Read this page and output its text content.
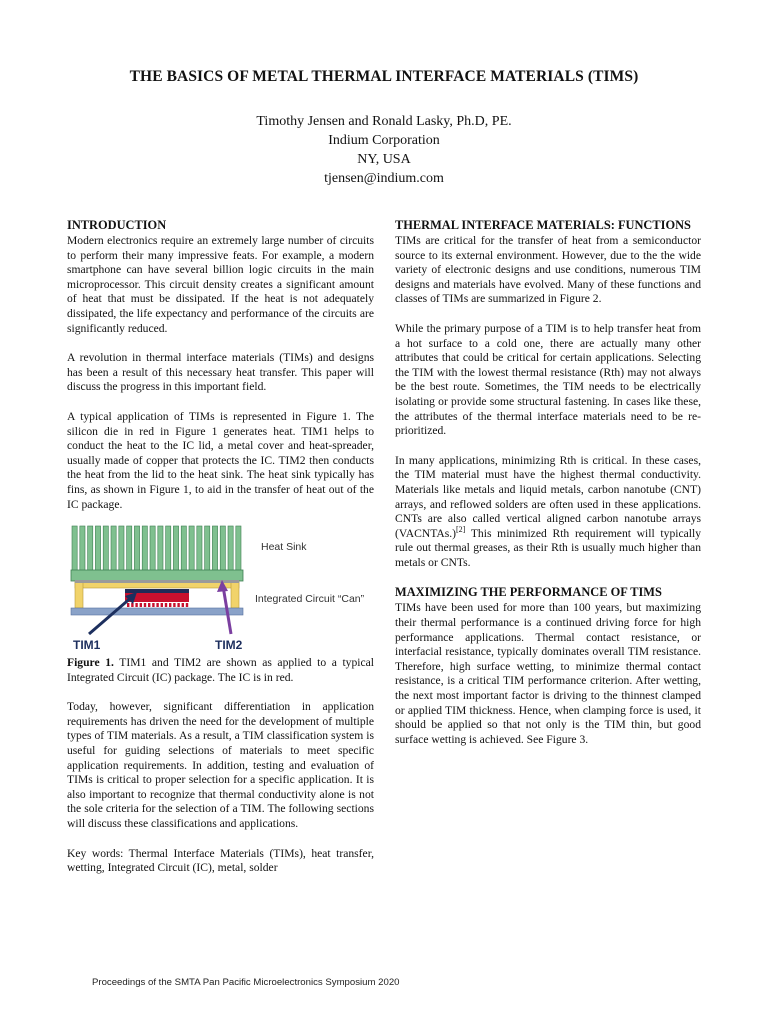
THE BASICS OF METAL THERMAL INTERFACE MATERIALS (TIMS)
Timothy Jensen and Ronald Lasky, Ph.D, PE.
Indium Corporation
NY, USA
tjensen@indium.com
INTRODUCTION

Modern electronics require an extremely large number of circuits to perform their many impressive feats. For example, a modern smartphone can have several billion logic circuits in the main microprocessor. This circuit density creates a significant amount of heat that must be dissipated. If the heat is not adequately dissipated, the life expectancy and performance of the circuits are significantly reduced.

A revolution in thermal interface materials (TIMs) and designs has been a result of this necessary heat transfer. This paper will discuss the progress in this important field.

A typical application of TIMs is represented in Figure 1. The silicon die in red in Figure 1 generates heat. TIM1 helps to conduct the heat to the IC lid, a metal cover and heat-spreader, usually made of copper that protects the IC. TIM2 then conducts the heat from the lid to the heat sink. The heat sink typically has fins, as shown in Figure 1, to aid in the transfer of heat out of the IC package.

Heat Sink
Integrated Circuit “Can”
TIM1	TIM2

Figure 1. TIM1 and TIM2 are shown as applied to a typical Integrated Circuit (IC) package. The IC is in red.

Today, however, significant differentiation in application requirements has driven the need for the development of multiple types of TIM materials. As a result, a TIM classification system is useful for guiding selections of materials to meet specific application requirements. In addition, testing and evaluation of TIMs is critical to proper selection for a specific application. It is also important to recognize that thermal conductivity alone is not the sole criteria for the selection of a TIM. The following sections will discuss these classifications and applications.

Key words: Thermal Interface Materials (TIMs), heat transfer, wetting, Integrated Circuit (IC), metal, solder

THERMAL INTERFACE MATERIALS: FUNCTIONS

TIMs are critical for the transfer of heat from a semiconductor source to its external environment. However, due to the the wide variety of electronic designs and use conditions, numerous TIM designs and materials have evolved. Many of these functions and classes of TIMs are summarized in Figure 2.

While the primary purpose of a TIM is to help transfer heat from a hot surface to a cold one, there are actually many other attributes that could be critical for certain applications. Selecting the TIM with the lowest thermal resistance (Rth) may not always be the best route. Sometimes, the TIM needs to be electrically isolating or provide some structural fastening. In cases like these, the attributes of the thermal interface materials need to be re-prioritized.

In many applications, minimizing Rth is critical. In these cases, the TIM material must have the highest thermal conductivity. Materials like metals and liquid metals, carbon nanotube (CNT) arrays, and reflowed solders are often used in these applications. CNTs are also called vertical aligned carbon nanotube arrays (VACNTAs.)[2] This minimized Rth requirement will typically rule out thermal greases, as their Rth is usually much higher than metals or CNTs.

MAXIMIZING THE PERFORMANCE OF TIMS

TIMs have been used for more than 100 years, but maximizing their thermal performance is a continued driving force for high performance applications. Thermal contact resistance, or interfacial resistance, typically dominates overall TIM resistance. Therefore, high surface wetting, to minimize thermal contact resistance, is a critical TIM performance criterion. After wetting, the next most important factor is driving to the thinnest clamped or applied TIM thickness. Hence, when clamping force is used, it should be applied so that not only is the TIM thin, but good surface wetting is achieved. See Figure 3.

Proceedings of the SMTA Pan Pacific Microelectronics Symposium 2020
